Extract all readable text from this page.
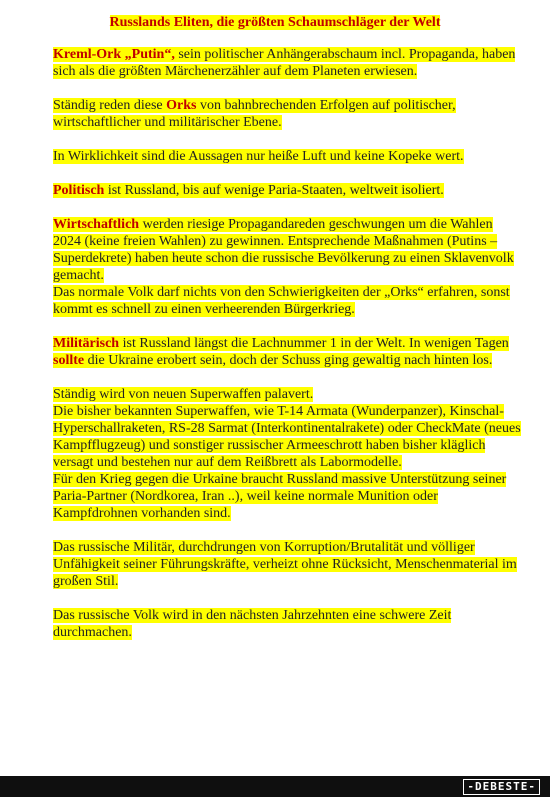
Russlands Eliten, die größten Schaumschläger der Welt

Kreml-Ork „Putin“, sein politischer Anhängerabschaum incl. Propaganda, haben sich als die größten Märchenerzähler auf dem Planeten erwiesen.

Ständig reden diese Orks von bahnbrechenden Erfolgen auf politischer, wirtschaftlicher und militärischer Ebene.

In Wirklichkeit sind die Aussagen nur heiße Luft und keine Kopeke wert.

Politisch ist Russland, bis auf wenige Paria-Staaten, weltweit isoliert.

Wirtschaftlich werden riesige Propagandareden geschwungen um die Wahlen 2024 (keine freien Wahlen) zu gewinnen. Entsprechende Maßnahmen (Putins – Superdekrete) haben heute schon die russische Bevölkerung zu einen Sklavenvolk gemacht.

Das normale Volk darf nichts von den Schwierigkeiten der „Orks“ erfahren, sonst kommt es schnell zu einen verheerenden Bürgerkrieg.

Militärisch ist Russland längst die Lachnummer 1 in der Welt. In wenigen Tagen sollte die Ukraine erobert sein, doch der Schuss ging gewaltig nach hinten los.

Ständig wird von neuen Superwaffen palavert.

Die bisher bekannten Superwaffen, wie T-14 Armata (Wunderpanzer), Kinschal-Hyperschallraketen, RS-28 Sarmat (Interkontinentalrakete) oder CheckMate (neues Kampfflugzeug) und sonstiger russischer Armeeschrott haben bisher kläglich versagt und bestehen nur auf dem Reißbrett als Labormodelle.

Für den Krieg gegen die Urkaine braucht Russland massive Unterstützung seiner Paria-Partner (Nordkorea, Iran ..), weil keine normale Munition oder Kampfdrohnen vorhanden sind.

Das russische Militär, durchdrungen von Korruption/Brutalität und völliger Unfähigkeit seiner Führungskräfte, verheizt ohne Rücksicht, Menschenmaterial im großen Stil.

Das russische Volk wird in den nächsten Jahrzehnten eine schwere Zeit durchmachen.

-DEBESTE-
